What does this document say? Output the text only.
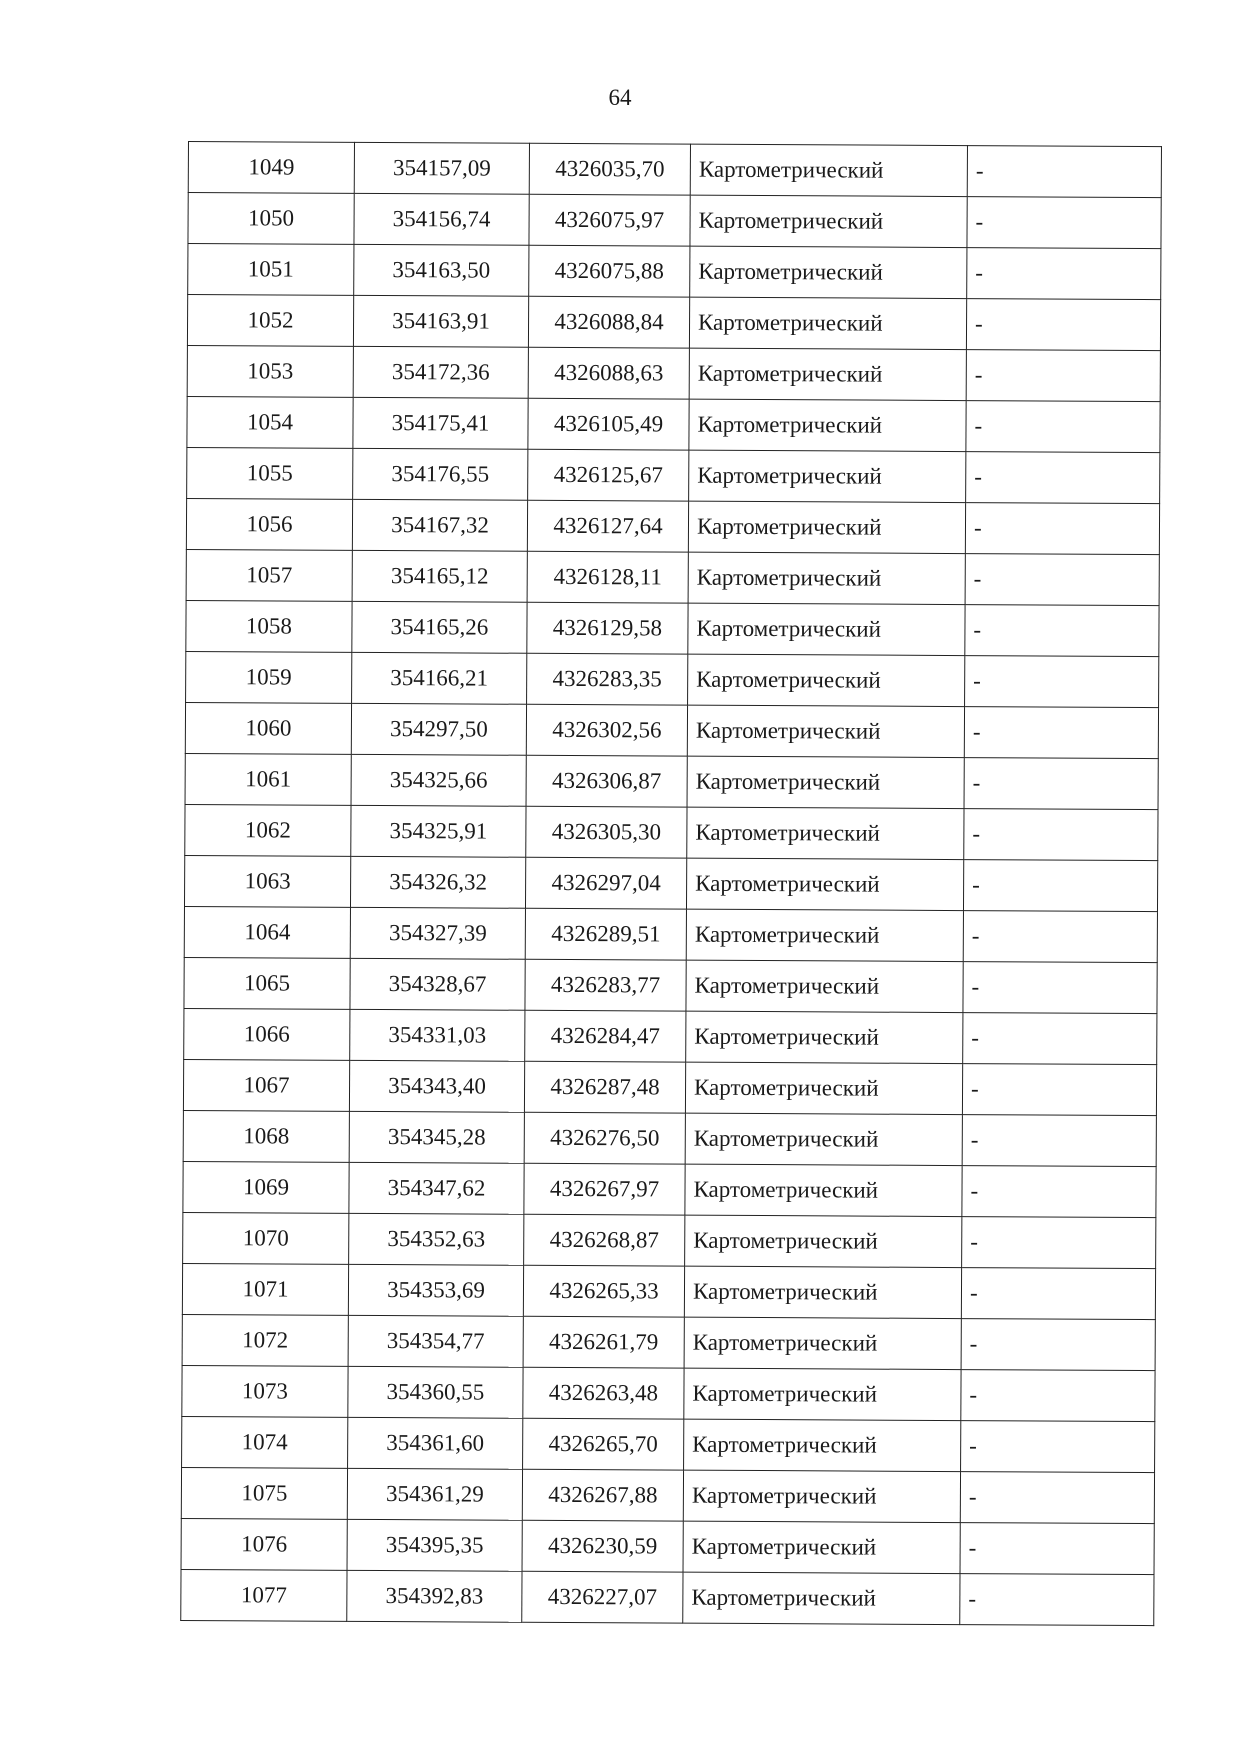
64
1049	354157,09	4326035,70	Картометрический	-
1050	354156,74	4326075,97	Картометрический	-
1051	354163,50	4326075,88	Картометрический	-
1052	354163,91	4326088,84	Картометрический	-
1053	354172,36	4326088,63	Картометрический	-
1054	354175,41	4326105,49	Картометрический	-
1055	354176,55	4326125,67	Картометрический	-
1056	354167,32	4326127,64	Картометрический	-
1057	354165,12	4326128,11	Картометрический	-
1058	354165,26	4326129,58	Картометрический	-
1059	354166,21	4326283,35	Картометрический	-
1060	354297,50	4326302,56	Картометрический	-
1061	354325,66	4326306,87	Картометрический	-
1062	354325,91	4326305,30	Картометрический	-
1063	354326,32	4326297,04	Картометрический	-
1064	354327,39	4326289,51	Картометрический	-
1065	354328,67	4326283,77	Картометрический	-
1066	354331,03	4326284,47	Картометрический	-
1067	354343,40	4326287,48	Картометрический	-
1068	354345,28	4326276,50	Картометрический	-
1069	354347,62	4326267,97	Картометрический	-
1070	354352,63	4326268,87	Картометрический	-
1071	354353,69	4326265,33	Картометрический	-
1072	354354,77	4326261,79	Картометрический	-
1073	354360,55	4326263,48	Картометрический	-
1074	354361,60	4326265,70	Картометрический	-
1075	354361,29	4326267,88	Картометрический	-
1076	354395,35	4326230,59	Картометрический	-
1077	354392,83	4326227,07	Картометрический	-
